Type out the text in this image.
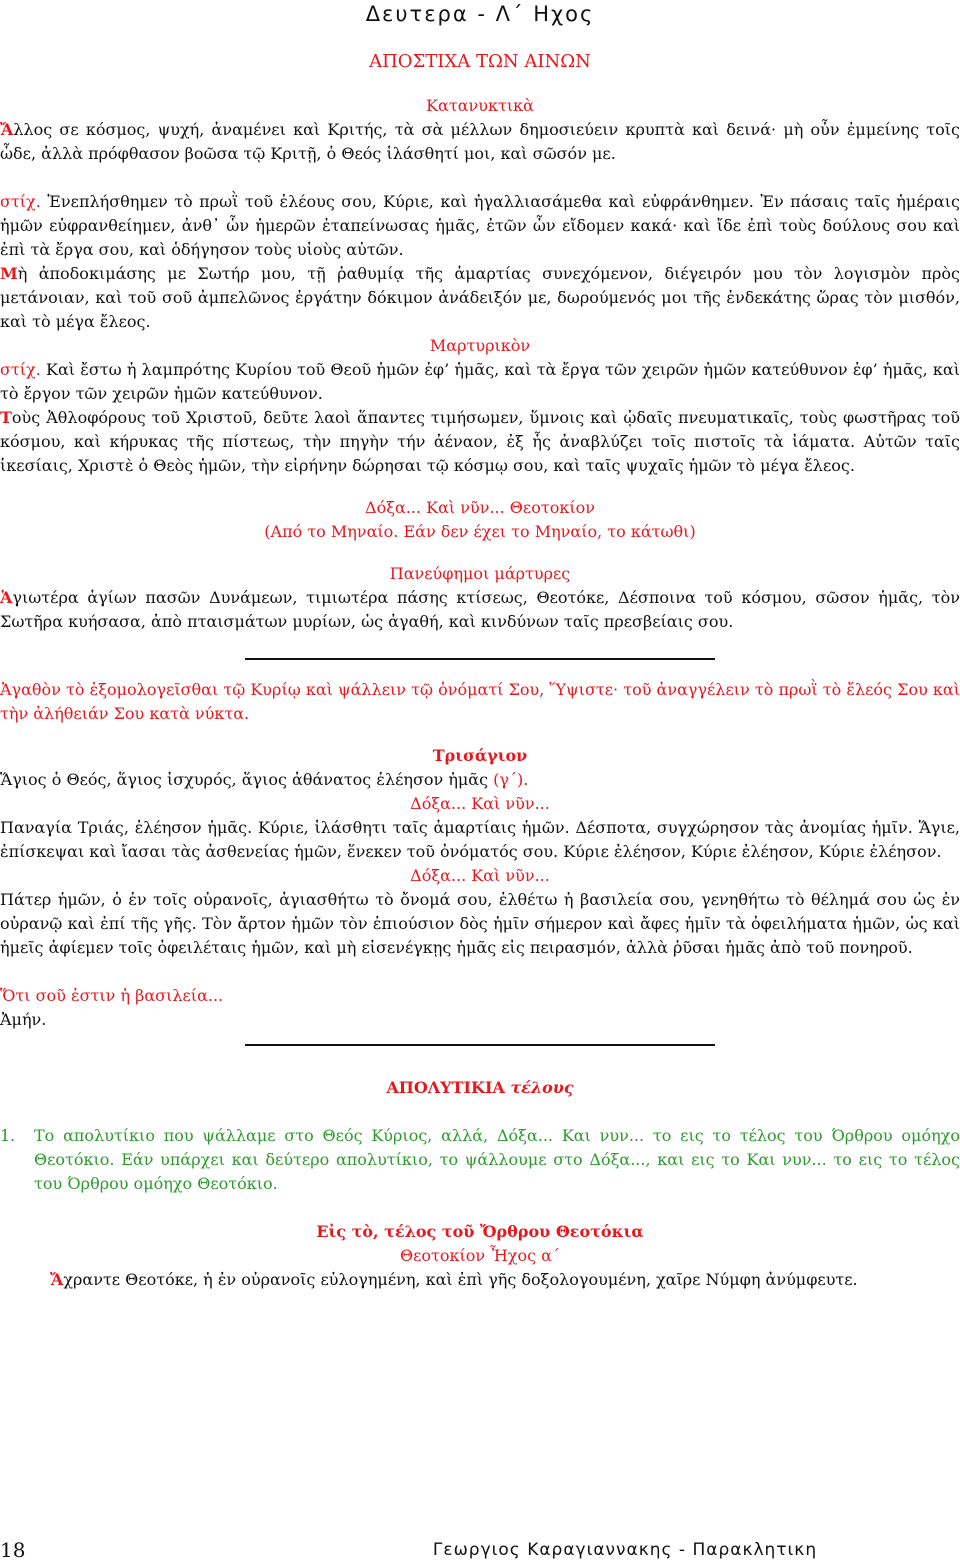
Δευτερα - Λ΄ Ηχος
ΑΠΟΣΤΙΧΑ ΤΩΝ ΑΙΝΩΝ

Κατανυκτικὰ

Ἄλλος σε κόσμος, ψυχή, ἀναμένει καὶ Κριτής, τὰ σὰ μέλλων δημοσιεύειν κρυπτὰ καὶ δεινά· μὴ οὖν ἐμμείνης τοῖς ὧδε, ἀλλὰ πρόφθασον βοῶσα τῷ Κριτῇ, ὁ Θεός ἱλάσθητί μοι, καὶ σῶσόν με.

στίχ. Ἐνεπλήσθημεν τὸ πρωῒ τοῦ ἐλέους σου, Κύριε, καὶ ἠγαλλιασάμεθα καὶ εὐφράνθημεν. Ἐν πάσαις ταῖς ἡμέραις ἡμῶν εὐφρανθείημεν, ἀνθ᾿ ὧν ἡμερῶν ἐταπείνωσας ἡμᾶς, ἐτῶν ὧν εἴδομεν κακά· καὶ ἴδε ἐπὶ τοὺς δούλους σου καὶ ἐπὶ τὰ ἔργα σου, καὶ ὁδήγησον τοὺς υἱοὺς αὐτῶν.

Μὴ ἀποδοκιμάσης με Σωτήρ μου, τῇ ῥαθυμίᾳ τῆς ἁμαρτίας συνεχόμενον, διέγειρόν μου τὸν λογισμὸν πρὸς μετάνοιαν, καὶ τοῦ σοῦ ἀμπελῶνος ἐργάτην δόκιμον ἀνάδειξόν με, δωρούμενός μοι τῆς ἑνδεκάτης ὥρας τὸν μισθόν, καὶ τὸ μέγα ἔλεος.

Μαρτυρικὸν

στίχ. Καὶ ἔστω ἡ λαμπρότης Κυρίου τοῦ Θεοῦ ἡμῶν ἐφ’ ἡμᾶς, καὶ τὰ ἔργα τῶν χειρῶν ἡμῶν κατεύθυνον ἐφ’ ἡμᾶς, καὶ τὸ ἔργον τῶν χειρῶν ἡμῶν κατεύθυνον.

Τοὺς Ἀθλοφόρους τοῦ Χριστοῦ, δεῦτε λαοὶ ἅπαντες τιμήσωμεν, ὕμνοις καὶ ᾠδαῖς πνευματικαῖς, τοὺς φωστῆρας τοῦ κόσμου, καὶ κήρυκας τῆς πίστεως, τὴν πηγὴν τήν ἀέναον, ἐξ ἧς ἀναβλύζει τοῖς πιστοῖς τὰ ἰάματα. Αὐτῶν ταῖς ἱκεσίαις, Χριστὲ ὁ Θεὸς ἡμῶν, τὴν εἰρήνην δώρησαι τῷ κόσμῳ σου, καὶ ταῖς ψυχαῖς ἡμῶν τὸ μέγα ἔλεος.

Δόξα... Καὶ νῦν... Θεοτοκίον

(Από το Μηναίο. Εάν δεν έχει το Μηναίο, το κάτωθι)

Πανεύφημοι μάρτυρες

Ἁγιωτέρα ἁγίων πασῶν Δυνάμεων, τιμιωτέρα πάσης κτίσεως, Θεοτόκε, Δέσποινα τοῦ κόσμου, σῶσον ἡμᾶς, τὸν Σωτῆρα κυήσασα, ἀπὸ πταισμάτων μυρίων, ὡς ἀγαθή, καὶ κινδύνων ταῖς πρεσβείαις σου.

Ἀγαθὸν τὸ ἐξομολογεῖσθαι τῷ Κυρίῳ καὶ ψάλλειν τῷ ὀνόματί Σου, Ὕψιστε· τοῦ ἀναγγέλειν τὸ πρωῒ τὸ ἔλεός Σου καὶ τὴν ἀλήθειάν Σου κατὰ νύκτα.

Τρισάγιον

Ἅγιος ὁ Θεός, ἅγιος ἰσχυρός, ἅγιος ἀθάνατος ἐλέησον ἡμᾶς (γ΄).

Δόξα... Καὶ νῦν...

Παναγία Τριάς, ἐλέησον ἡμᾶς. Κύριε, ἱλάσθητι ταῖς ἁμαρτίαις ἡμῶν. Δέσποτα, συγχώρησον τὰς ἀνομίας ἡμῖν. Ἅγιε, ἐπίσκεψαι καὶ ἴασαι τὰς ἀσθενείας ἡμῶν, ἕνεκεν τοῦ ὀνόματός σου. Κύριε ἐλέησον, Κύριε ἐλέησον, Κύριε ἐλέησον.

Δόξα... Καὶ νῦν...

Πάτερ ἡμῶν, ὁ ἐν τοῖς οὐρανοῖς, ἁγιασθήτω τὸ ὄνομά σου, ἐλθέτω ἡ βασιλεία σου, γενηθήτω τὸ θέλημά σου ὡς ἐν οὐρανῷ καὶ ἐπί τῆς γῆς. Τὸν ἄρτον ἡμῶν τὸν ἐπιούσιον δὸς ἡμῖν σήμερον καὶ ἄφες ἡμῖν τὰ ὀφειλήματα ἡμῶν, ὡς καὶ ἡμεῖς ἀφίεμεν τοῖς ὀφειλέταις ἡμῶν, καὶ μὴ εἰσενέγκῃς ἡμᾶς εἰς πειρασμόν, ἀλλὰ ῥῦσαι ἡμᾶς ἀπὸ τοῦ πονηροῦ.

Ὅτι σοῦ ἐστιν ἡ βασιλεία...

Ἀμήν.

ΑΠΟΛΥΤΙΚΙΑ τέλους

1. Το απολυτίκιο που ψάλλαμε στο Θεός Κύριος, αλλά, Δόξα... Και νυν... το εις το τέλος του Όρθρου ομόηχο Θεοτόκιο. Εάν υπάρχει και δεύτερο απολυτίκιο, το ψάλλουμε στο Δόξα..., και εις το Και νυν... το εις το τέλος του Όρθρου ομόηχο Θεοτόκιο.

Εἰς τὸ, τέλος τοῦ Ὄρθρου Θεοτόκια

Θεοτοκίον Ἦχος α΄

Ἄχραντε Θεοτόκε, ἡ ἐν οὐρανοῖς εὐλογημένη, καὶ ἐπὶ γῆς δοξολογουμένη, χαῖρε Νύμφη ἀνύμφευτε.

18	Γεωργιος Καραγιαννακης - Παρακλητικη
